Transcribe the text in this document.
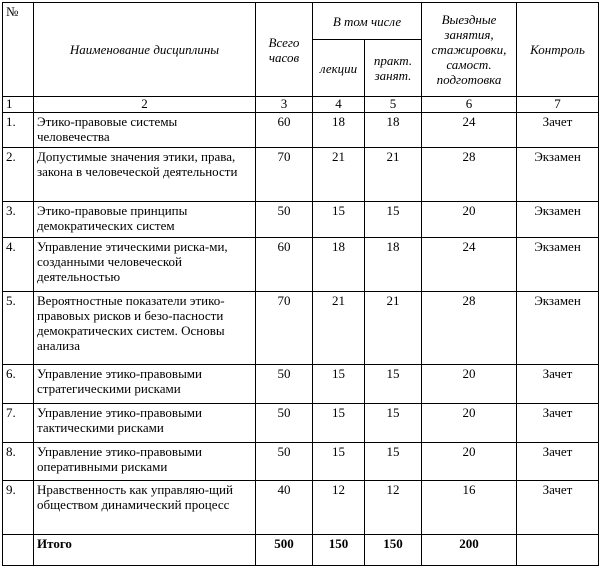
№	Наименование дисциплины	Всего часов	В том числе		Выездные занятия, стажировки, самост. подготовка	Контроль
			лекции	практ. занят.		
1	2	3	4	5	6	7
1.	Этико-правовые системы человечества	60	18	18	24	Зачет
2.	Допустимые значения этики, права, закона в человеческой деятельности	70	21	21	28	Экзамен
3.	Этико-правовые принципы демократических систем	50	15	15	20	Экзамен
4.	Управление этическими риска-ми, созданными человеческой деятельностью	60	18	18	24	Экзамен
5.	Вероятностные показатели этико-правовых рисков и безо-пасности демократических систем. Основы анализа	70	21	21	28	Экзамен
6.	Управление этико-правовыми стратегическими рисками	50	15	15	20	Зачет
7.	Управление этико-правовыми тактическими рисками	50	15	15	20	Зачет
8.	Управление этико-правовыми оперативными рисками	50	15	15	20	Зачет
9.	Нравственность как управляю-щий обществом динамический процесс	40	12	12	16	Зачет
	Итого	500	150	150	200	
